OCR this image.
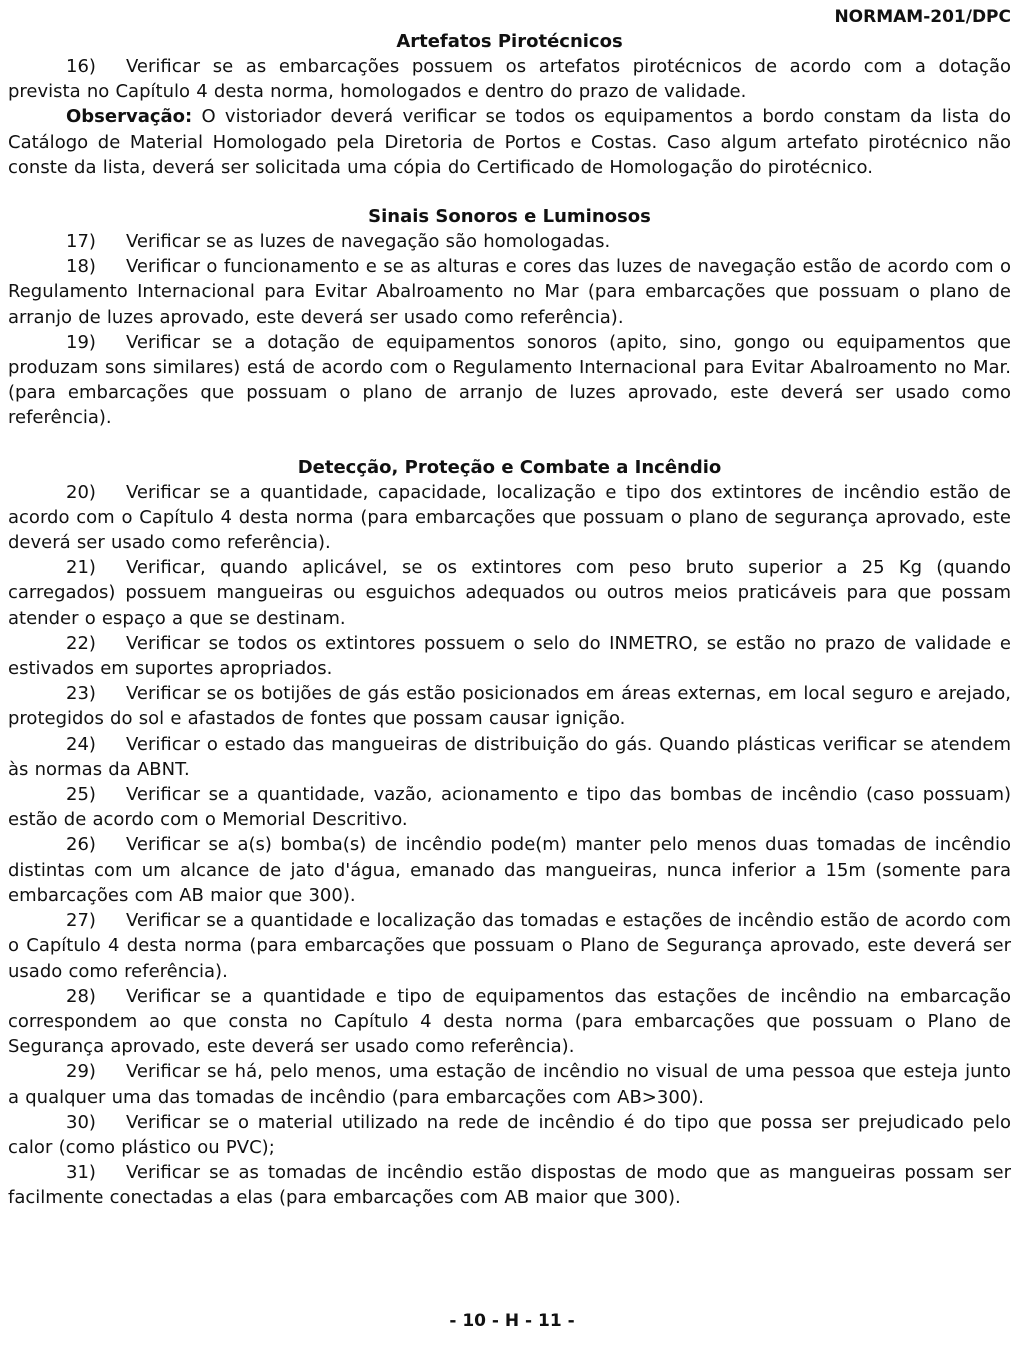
NORMAM-201/DPC
Artefatos Pirotécnicos

16) Verificar se as embarcações possuem os artefatos pirotécnicos de acordo com a dotação prevista no Capítulo 4 desta norma, homologados e dentro do prazo de validade.

Observação: O vistoriador deverá verificar se todos os equipamentos a bordo constam da lista do Catálogo de Material Homologado pela Diretoria de Portos e Costas. Caso algum artefato pirotécnico não conste da lista, deverá ser solicitada uma cópia do Certificado de Homologação do pirotécnico.

Sinais Sonoros e Luminosos

17) Verificar se as luzes de navegação são homologadas.

18) Verificar o funcionamento e se as alturas e cores das luzes de navegação estão de acordo com o Regulamento Internacional para Evitar Abalroamento no Mar (para embarcações que possuam o plano de arranjo de luzes aprovado, este deverá ser usado como referência).

19) Verificar se a dotação de equipamentos sonoros (apito, sino, gongo ou equipamentos que produzam sons similares) está de acordo com o Regulamento Internacional para Evitar Abalroamento no Mar. (para embarcações que possuam o plano de arranjo de luzes aprovado, este deverá ser usado como referência).

Detecção, Proteção e Combate a Incêndio

20) Verificar se a quantidade, capacidade, localização e tipo dos extintores de incêndio estão de acordo com o Capítulo 4 desta norma (para embarcações que possuam o plano de segurança aprovado, este deverá ser usado como referência).

21) Verificar, quando aplicável, se os extintores com peso bruto superior a 25 Kg (quando carregados) possuem mangueiras ou esguichos adequados ou outros meios praticáveis para que possam atender o espaço a que se destinam.

22) Verificar se todos os extintores possuem o selo do INMETRO, se estão no prazo de validade e estivados em suportes apropriados.

23) Verificar se os botijões de gás estão posicionados em áreas externas, em local seguro e arejado, protegidos do sol e afastados de fontes que possam causar ignição.

24) Verificar o estado das mangueiras de distribuição do gás. Quando plásticas verificar se atendem às normas da ABNT.

25) Verificar se a quantidade, vazão, acionamento e tipo das bombas de incêndio (caso possuam) estão de acordo com o Memorial Descritivo.

26) Verificar se a(s) bomba(s) de incêndio pode(m) manter pelo menos duas tomadas de incêndio distintas com um alcance de jato d'água, emanado das mangueiras, nunca inferior a 15m (somente para embarcações com AB maior que 300).

27) Verificar se a quantidade e localização das tomadas e estações de incêndio estão de acordo com o Capítulo 4 desta norma (para embarcações que possuam o Plano de Segurança aprovado, este deverá ser usado como referência).

28) Verificar se a quantidade e tipo de equipamentos das estações de incêndio na embarcação correspondem ao que consta no Capítulo 4 desta norma (para embarcações que possuam o Plano de Segurança aprovado, este deverá ser usado como referência).

29) Verificar se há, pelo menos, uma estação de incêndio no visual de uma pessoa que esteja junto a qualquer uma das tomadas de incêndio (para embarcações com AB>300).

30) Verificar se o material utilizado na rede de incêndio é do tipo que possa ser prejudicado pelo calor (como plástico ou PVC);

31) Verificar se as tomadas de incêndio estão dispostas de modo que as mangueiras possam ser facilmente conectadas a elas (para embarcações com AB maior que 300).

- 10 - H - 11 -
